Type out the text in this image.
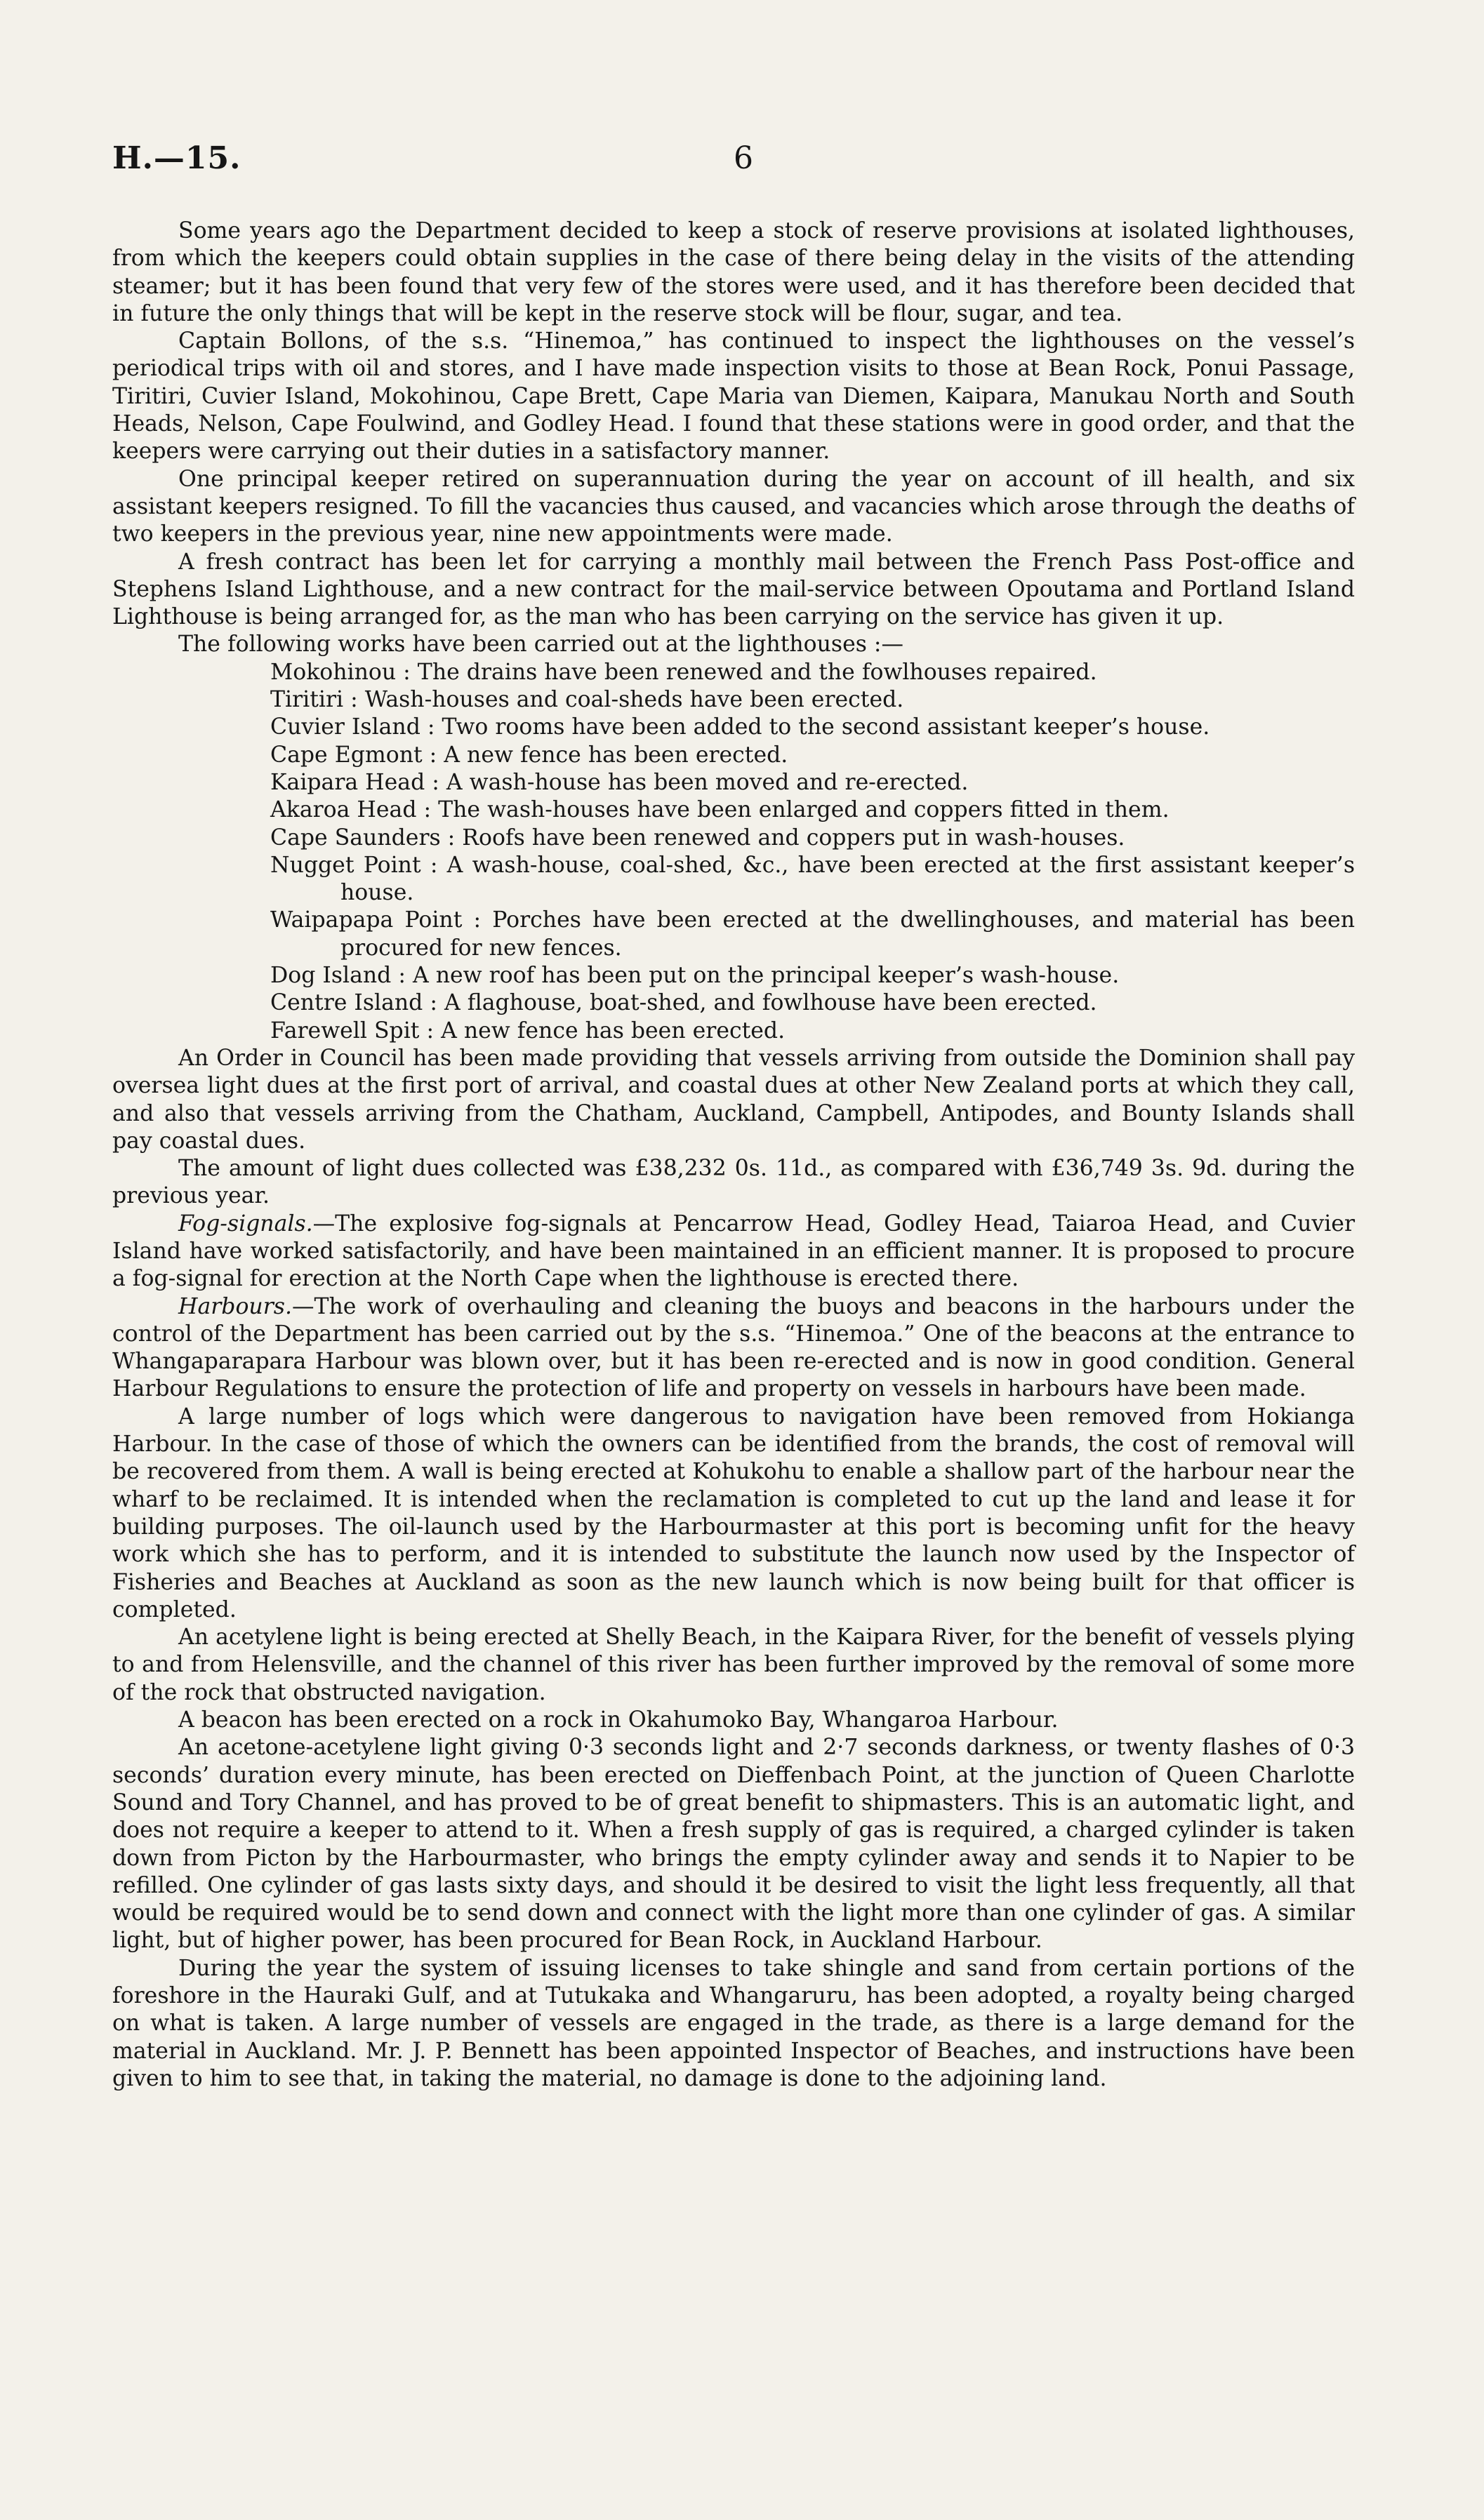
H.—15.	6

Some years ago the Department decided to keep a stock of reserve provisions at isolated lighthouses, from which the keepers could obtain supplies in the case of there being delay in the visits of the attending steamer; but it has been found that very few of the stores were used, and it has therefore been decided that in future the only things that will be kept in the reserve stock will be flour, sugar, and tea.

Captain Bollons, of the s.s. “Hinemoa,” has continued to inspect the lighthouses on the vessel’s periodical trips with oil and stores, and I have made inspection visits to those at Bean Rock, Ponui Passage, Tiritiri, Cuvier Island, Mokohinou, Cape Brett, Cape Maria van Diemen, Kaipara, Manukau North and South Heads, Nelson, Cape Foulwind, and Godley Head. I found that these stations were in good order, and that the keepers were carrying out their duties in a satisfactory manner.

One principal keeper retired on superannuation during the year on account of ill health, and six assistant keepers resigned. To fill the vacancies thus caused, and vacancies which arose through the deaths of two keepers in the previous year, nine new appointments were made.

A fresh contract has been let for carrying a monthly mail between the French Pass Post-office and Stephens Island Lighthouse, and a new contract for the mail-service between Opoutama and Portland Island Lighthouse is being arranged for, as the man who has been carrying on the service has given it up.

The following works have been carried out at the lighthouses :—

Mokohinou : The drains have been renewed and the fowlhouses repaired.
Tiritiri : Wash-houses and coal-sheds have been erected.
Cuvier Island : Two rooms have been added to the second assistant keeper’s house.
Cape Egmont : A new fence has been erected.
Kaipara Head : A wash-house has been moved and re-erected.
Akaroa Head : The wash-houses have been enlarged and coppers fitted in them.
Cape Saunders : Roofs have been renewed and coppers put in wash-houses.
Nugget Point : A wash-house, coal-shed, &c., have been erected at the first assistant keeper’s house.
Waipapapa Point : Porches have been erected at the dwellinghouses, and material has been procured for new fences.
Dog Island : A new roof has been put on the principal keeper’s wash-house.
Centre Island : A flaghouse, boat-shed, and fowlhouse have been erected.
Farewell Spit : A new fence has been erected.

An Order in Council has been made providing that vessels arriving from outside the Dominion shall pay oversea light dues at the first port of arrival, and coastal dues at other New Zealand ports at which they call, and also that vessels arriving from the Chatham, Auckland, Campbell, Antipodes, and Bounty Islands shall pay coastal dues.

The amount of light dues collected was £38,232 0s. 11d., as compared with £36,749 3s. 9d. during the previous year.

Fog-signals.—The explosive fog-signals at Pencarrow Head, Godley Head, Taiaroa Head, and Cuvier Island have worked satisfactorily, and have been maintained in an efficient manner. It is proposed to procure a fog-signal for erection at the North Cape when the lighthouse is erected there.

Harbours.—The work of overhauling and cleaning the buoys and beacons in the harbours under the control of the Department has been carried out by the s.s. “Hinemoa.” One of the beacons at the entrance to Whangaparapara Harbour was blown over, but it has been re-erected and is now in good condition. General Harbour Regulations to ensure the protection of life and property on vessels in harbours have been made.

A large number of logs which were dangerous to navigation have been removed from Hokianga Harbour. In the case of those of which the owners can be identified from the brands, the cost of removal will be recovered from them. A wall is being erected at Kohukohu to enable a shallow part of the harbour near the wharf to be reclaimed. It is intended when the reclamation is completed to cut up the land and lease it for building purposes. The oil-launch used by the Harbourmaster at this port is becoming unfit for the heavy work which she has to perform, and it is intended to substitute the launch now used by the Inspector of Fisheries and Beaches at Auckland as soon as the new launch which is now being built for that officer is completed.

An acetylene light is being erected at Shelly Beach, in the Kaipara River, for the benefit of vessels plying to and from Helensville, and the channel of this river has been further improved by the removal of some more of the rock that obstructed navigation.

A beacon has been erected on a rock in Okahumoko Bay, Whangaroa Harbour.

An acetone-acetylene light giving 0·3 seconds light and 2·7 seconds darkness, or twenty flashes of 0·3 seconds’ duration every minute, has been erected on Dieffenbach Point, at the junction of Queen Charlotte Sound and Tory Channel, and has proved to be of great benefit to shipmasters. This is an automatic light, and does not require a keeper to attend to it. When a fresh supply of gas is required, a charged cylinder is taken down from Picton by the Harbourmaster, who brings the empty cylinder away and sends it to Napier to be refilled. One cylinder of gas lasts sixty days, and should it be desired to visit the light less frequently, all that would be required would be to send down and connect with the light more than one cylinder of gas. A similar light, but of higher power, has been procured for Bean Rock, in Auckland Harbour.

During the year the system of issuing licenses to take shingle and sand from certain portions of the foreshore in the Hauraki Gulf, and at Tutukaka and Whangaruru, has been adopted, a royalty being charged on what is taken. A large number of vessels are engaged in the trade, as there is a large demand for the material in Auckland. Mr. J. P. Bennett has been appointed Inspector of Beaches, and instructions have been given to him to see that, in taking the material, no damage is done to the adjoining land.
